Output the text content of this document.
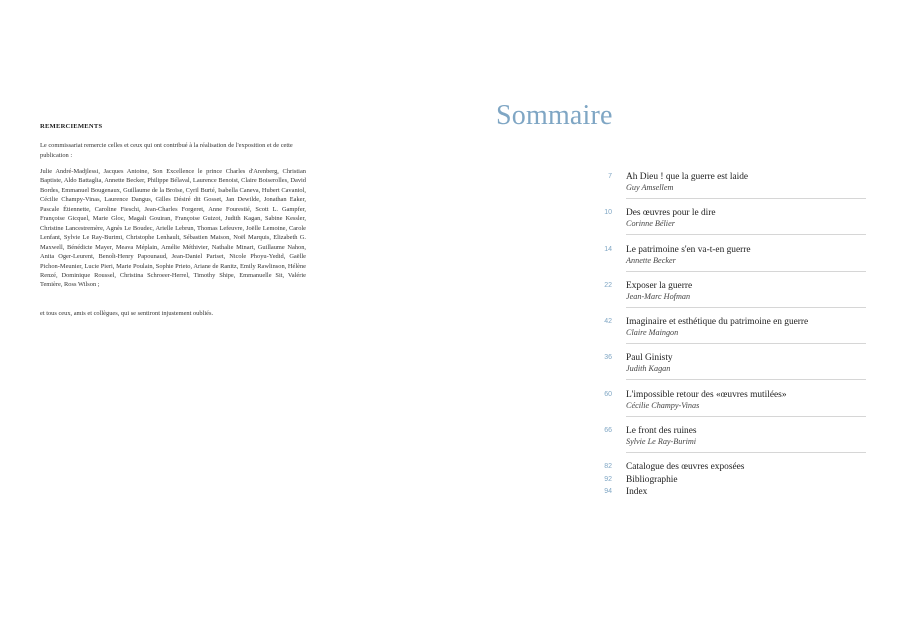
REMERCIEMENTS
Le commissariat remercie celles et ceux qui ont contribué à la réalisation de l'exposition et de cette publication :
Julie André-Madjlessi, Jacques Antoine, Son Excellence le prince Charles d'Arenberg, Christian Baptiste, Aldo Battaglia, Annette Becker, Philippe Bélaval, Laurence Benoist, Claire Boiserolles, David Bordes, Emmanuel Bougenaux, Guillaume de la Broïse, Cyril Burté, Isabella Caneva, Hubert Cavaniol, Cécilie Champy-Vinas, Laurence Dangus, Gilles Désiré dit Gosset, Jan Dewilde, Jonathan Eaker, Pascale Étiennette, Caroline Fieschi, Jean-Charles Forgeret, Anne Fourestié, Scott L. Gampfer, Françoise Gicquel, Marie Gloc, Magali Gouiran, Françoise Guizot, Judith Kagan, Sabine Kessler, Christine Lancestremère, Agnès Le Boudec, Arielle Lebrun, Thomas Lefeuvre, Joëlle Lemoine, Carole Lenfant, Sylvie Le Ray-Burimi, Christophe Lenhault, Sébastien Maison, Noël Marquis, Elizabeth G. Maxwell, Bénédicte Mayer, Meava Méplain, Amélie Méthivier, Nathalie Minart, Guillaume Nahon, Anita Oger-Leurent, Benoît-Henry Papounaud, Jean-Daniel Pariset, Nicole Phoyu-Yedid, Gaëlle Pichon-Meunier, Lucie Pieri, Marie Poulain, Sophie Prieto, Ariane de Ranitz, Emily Rawlinson, Hélène Renzé, Dominique Roussel, Christina Schroeer-Herrel, Timothy Shipe, Emmanuelle Sit, Valérie Temière, Ross Wilson ;
et tous ceux, amis et collègues, qui se sentiront injustement oubliés.
Sommaire
7 Ah Dieu ! que la guerre est laide
Guy Amsellem
10 Des œuvres pour le dire
Corinne Bélier
14 Le patrimoine s'en va-t-en guerre
Annette Becker
22 Exposer la guerre
Jean-Marc Hofman
42 Imaginaire et esthétique du patrimoine en guerre
Claire Maingon
36 Paul Ginisty
Judith Kagan
60 L'impossible retour des «œuvres mutilées»
Cécilie Champy-Vinas
66 Le front des ruines
Sylvie Le Ray-Burimi
82 Catalogue des œuvres exposées
92 Bibliographie
94 Index
